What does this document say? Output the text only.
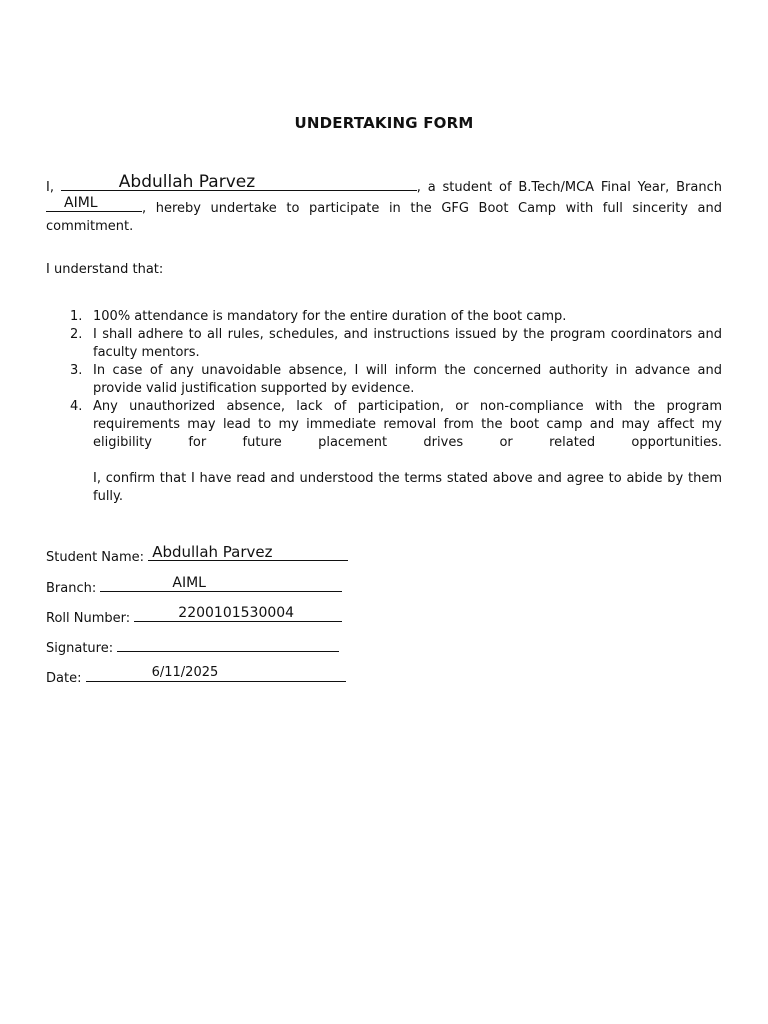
UNDERTAKING FORM
I,	Abdullah Parvez	, a student of B.Tech/MCA Final Year, Branch
AIML	, hereby undertake to participate in the GFG Boot Camp with full sincerity and commitment.
I understand that:
1. 100% attendance is mandatory for the entire duration of the boot camp.
2. I shall adhere to all rules, schedules, and instructions issued by the program coordinators and faculty mentors.
3. In case of any unavoidable absence, I will inform the concerned authority in advance and provide valid justification supported by evidence.
4. Any unauthorized absence, lack of participation, or non-compliance with the program requirements may lead to my immediate removal from the boot camp and may affect my eligibility for future placement drives or related opportunities.
I, confirm that I have read and understood the terms stated above and agree to abide by them fully.
Student Name: Abdullah Parvez
Branch:	AIML
Roll Number:	2200101530004
Signature:
Date:	6/11/2025
